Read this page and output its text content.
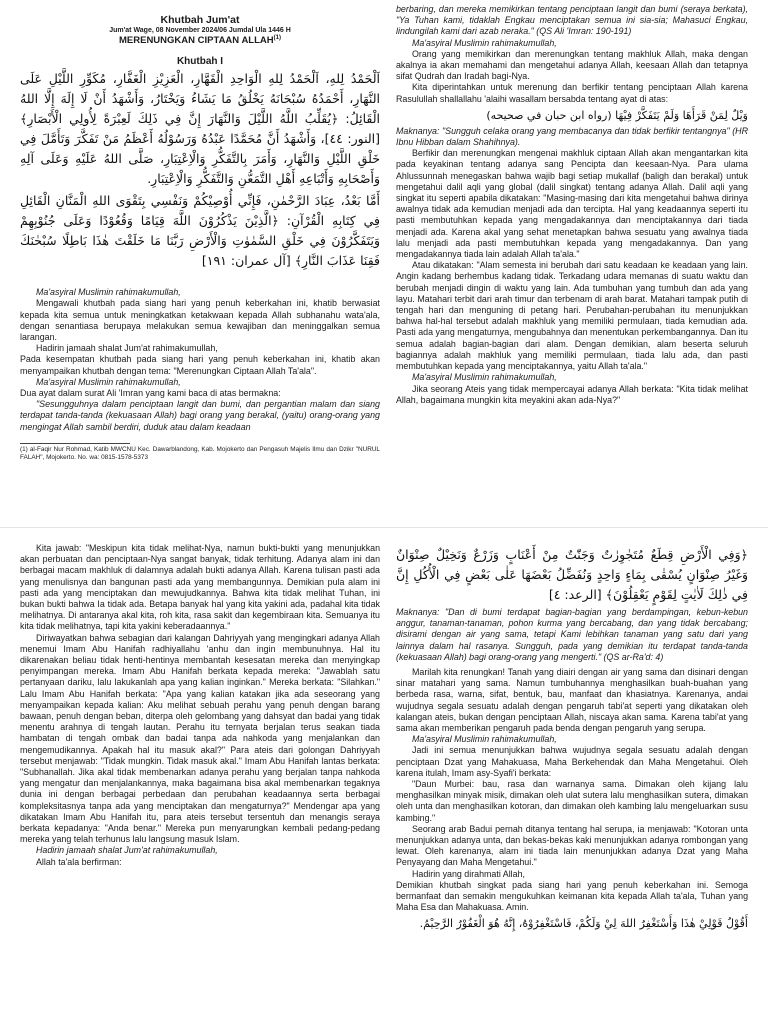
Khutbah Jum'at
Jum'at Wage, 08 November 2024/06 Jumdal Ula 1446 H
MERENUNGKAN CIPTAAN ALLAH$^{(1)}$
Khutbah I

اَلْحَمْدُ لِلهِ، اَلْحَمْدُ لِلهِ الْوَاحِدِ الْقَهَّارِ، الْعَزِيْزِ الْغَفَّارِ، مُكَوِّرِ اللَّيْلِ عَلَى النَّهَارِ، أَحْمَدُهُ سُبْحَانَهُ يَخْلُقُ مَا يَشَاءُ وَيَخْتَارُ، وَأَشْهَدُ أَنْ لَا إِلَهَ إِلَّا اللهُ الْقَائِلُ: ﴿يُقَلِّبُ اللَّهُ اللَّيْلَ وَالنَّهَارَ إِنَّ فِي ذَلِكَ لَعِبْرَةً لِأُولِي الْأَبْصَارِ﴾ [النور: ٤٤]، وَأَشْهَدُ أَنَّ مُحَمَّدًا عَبْدُهُ وَرَسُوْلُهُ أَعْظَمُ مَنْ تَفَكَّرَ وَتَأَمَّلَ فِي خَلْقِ اللَّيْلِ وَالنَّهَارِ، وَأَمَرَ بِالتَّفَكُّرِ وَالْاِعْتِبَارِ، صَلَّى اللهُ عَلَيْهِ وَعَلَى آلِهِ وَأَصْحَابِهِ وَأَتْبَاعِهِ أَهْلِ التَّمَعُّنِ وَالتَّفَكُّرِ وَالْاِعْتِبَارِ.

أَمَّا بَعْدُ، عِبَادَ الرَّحْمٰنِ، فَإِنِّي أُوْصِيْكُمْ وَنَفْسِي بِتَقْوَى اللهِ الْمَنَّانِ الْقَائِلِ فِي كِتَابِهِ الْقُرْآنِ: ﴿الَّذِيْنَ يَذْكُرُوْنَ اللَّهَ قِيَامًا وَقُعُوْدًا وَعَلَى جُنُوْبِهِمْ وَيَتَفَكَّرُوْنَ فِي خَلْقِ السَّمٰوٰتِ وَالْأَرْضِ رَبَّنَا مَا خَلَقْتَ هٰذَا بَاطِلًا سُبْحٰنَكَ فَقِنَا عَذَابَ النَّارِ﴾ [آل عمران: ١٩١]

Ma'asyiral Muslimin rahimakumullah,

Mengawali khutbah pada siang hari yang penuh keberkahan ini, khatib berwasiat kepada kita semua untuk meningkatkan ketakwaan kepada Allah subhanahu wata'ala, dengan senantiasa berupaya melakukan semua kewajiban dan meninggalkan semua larangan.

Hadirin jamaah shalat Jum'at rahimakumullah,

Pada kesempatan khutbah pada siang hari yang penuh keberkahan ini, khatib akan menyampaikan khutbah dengan tema: "Merenungkan Ciptaan Allah Ta'ala".

Ma'asyiral Muslimin rahimakumullah,

Dua ayat dalam surat Ali 'Imran yang kami baca di atas bermakna:

"Sesungguhnya dalam penciptaan langit dan bumi, dan pergantian malam dan siang terdapat tanda-tanda (kekuasaan Allah) bagi orang yang berakal, (yaitu) orang-orang yang mengingat Allah sambil berdiri, duduk atau dalam keadaan

(1) al-Faqir Nur Rohmad, Katib MWCNU Kec. Dawarblandong, Kab. Mojokerto dan Pengasuh Majelis Ilmu dan Dzikr "NURUL FALAH", Mojokerto. No. wa: 0815-1578-5373

berbaring, dan mereka memikirkan tentang penciptaan langit dan bumi (seraya berkata), "Ya Tuhan kami, tidaklah Engkau menciptakan semua ini sia-sia; Mahasuci Engkau, lindungilah kami dari azab neraka." (QS Ali 'Imran: 190-191)

Ma'asyiral Muslimin rahimakumullah,

Orang yang memikirkan dan merenungkan tentang makhluk Allah, maka dengan akalnya ia akan memahami dan mengetahui adanya Allah, keesaan Allah dan tetapnya sifat Qudrah dan Iradah bagi-Nya.

Kita diperintahkan untuk merenung dan berfikir tentang penciptaan Allah karena Rasulullah shallallahu 'alaihi wasallam bersabda tentang ayat di atas:

وَيْلٌ لِمَنْ قَرَأَهَا وَلَمْ يَتَفَكَّرْ فِيْهَا (رواه ابن حبان في صحيحه)

Maknanya: "Sungguh celaka orang yang membacanya dan tidak berfikir tentangnya" (HR Ibnu Hibban dalam Shahihnya).

Berfikir dan merenungkan mengenai makhluk ciptaan Allah akan mengantarkan kita pada keyakinan tentang adanya sang Pencipta dan keesaan-Nya. Para ulama Ahlussunnah menegaskan bahwa wajib bagi setiap mukallaf (baligh dan berakal) untuk mengetahui dalil aqli yang global (dalil singkat) tentang adanya Allah. Dalil aqli yang singkat itu seperti apabila dikatakan: "Masing-masing dari kita mengetahui bahwa dirinya awalnya tidak ada kemudian menjadi ada dan tercipta. Hal yang keadaannya seperti itu pasti membutuhkan kepada yang mengadakannya dan menciptakannya dari tiada menjadi ada. Karena akal yang sehat menetapkan bahwa sesuatu yang awalnya tiada lalu menjadi ada pasti membutuhkan kepada yang mengadakannya. Dan yang mengadakannya tiada lain adalah Allah ta'ala."

Atau dikatakan: "Alam semesta ini berubah dari satu keadaan ke keadaan yang lain. Angin kadang berhembus kadang tidak. Terkadang udara memanas di suatu waktu dan berubah menjadi dingin di waktu yang lain. Ada tumbuhan yang tumbuh dan ada yang layu. Matahari terbit dari arah timur dan terbenam di arah barat. Matahari tampak putih di tengah hari dan menguning di petang hari. Perubahan-perubahan itu menunjukkan bahwa hal-hal tersebut adalah makhluk yang memiliki permulaan, tiada kemudian ada. Pasti ada yang mengaturnya, mengubahnya dan menentukan perkembangannya. Dan itu semua adalah bagian-bagian dari alam. Dengan demikian, alam beserta seluruh bagiannya adalah makhluk yang memiliki permulaan, tiada lalu ada, dan pasti membutuhkan kepada yang menciptakannya, yaitu Allah ta'ala."

Ma'asyiral Muslimin rahimakumullah,

Jika seorang Ateis yang tidak mempercayai adanya Allah berkata: "Kita tidak melihat Allah, bagaimana mungkin kita meyakini akan ada-Nya?"

Kita jawab: "Meskipun kita tidak melihat-Nya, namun bukti-bukti yang menunjukkan akan perbuatan dan penciptaan-Nya sangat banyak, tidak terhitung. Adanya alam ini dan berbagai macam makhluk di dalamnya adalah bukti adanya Allah. Karena tulisan pasti ada yang menulisnya dan bangunan pasti ada yang membangunnya. Demikian pula alam ini pasti ada yang menciptakan dan mewujudkannya. Bahwa kita tidak melihat Tuhan, ini bukan bukti bahwa Ia tidak ada. Betapa banyak hal yang kita yakini ada, padahal kita tidak melihatnya. Di antaranya akal kita, roh kita, rasa sakit dan kegembiraan kita. Semuanya itu kita tidak melihatnya, tapi kita yakini keberadaannya."

Diriwayatkan bahwa sebagian dari kalangan Dahriyyah yang mengingkari adanya Allah menemui Imam Abu Hanifah radhiyallahu 'anhu dan ingin membunuhnya. Hal itu dikarenakan beliau tidak henti-hentinya membantah kesesatan mereka dan menyingkap penyimpangan mereka. Imam Abu Hanifah berkata kepada mereka: "Jawablah satu pertanyaan dariku, lalu lakukanlah apa yang kalian inginkan." Mereka berkata: "Silahkan." Lalu Imam Abu Hanifah berkata: "Apa yang kalian katakan jika ada seseorang yang menyampaikan kepada kalian: Aku melihat sebuah perahu yang penuh dengan barang bawaan, penuh dengan beban, diterpa oleh gelombang yang dahsyat dan badai yang tidak menentu arahnya di tengah lautan. Perahu itu ternyata berjalan terus seakan tiada hambatan di tengah ombak dan badai tanpa ada nahkoda yang menjalankan dan mengemudikannya. Apakah hal itu masuk akal?" Para ateis dari golongan Dahriyyah tersebut menjawab: "Tidak mungkin. Tidak masuk akal." Imam Abu Hanifah lantas berkata: "Subhanallah. Jika akal tidak membenarkan adanya perahu yang berjalan tanpa nahkoda yang mengatur dan menjalankannya, maka bagaimana bisa akal membenarkan tegaknya dunia ini dengan berbagai perbedaan dan perubahan keadaannya serta berbagai kompleksitasnya tanpa ada yang menciptakan dan mengaturnya?" Mendengar apa yang dikatakan Imam Abu Hanifah itu, para ateis tersebut tersentuh dan menangis seraya berkata kepadanya: "Anda benar." Mereka pun menyarungkan kembali pedang-pedang mereka yang telah terhunus lalu langsung masuk Islam.

Hadirin jamaah shalat Jum'at rahimakumullah,

Allah ta'ala berfirman:

﴿وَفِي الْأَرْضِ قِطَعٌ مُتَجٰوِرٰتٌ وَجَنّٰتٌ مِنْ أَعْنَابٍ وَزَرْعٌ وَنَخِيْلٌ صِنْوَانٌ وَغَيْرُ صِنْوَانٍ يُسْقٰى بِمَاءٍ وَاحِدٍ وَنُفَضِّلُ بَعْضَهَا عَلٰى بَعْضٍ فِي الْأُكُلِ إِنَّ فِي ذٰلِكَ لَاٰيٰتٍ لِقَوْمٍ يَعْقِلُوْنَ﴾ [الرعد: ٤]

Maknanya: "Dan di bumi terdapat bagian-bagian yang berdampingan, kebun-kebun anggur, tanaman-tanaman, pohon kurma yang bercabang, dan yang tidak bercabang; disirami dengan air yang sama, tetapi Kami lebihkan tanaman yang satu dari yang lainnya dalam hal rasanya. Sungguh, pada yang demikian itu terdapat tanda-tanda (kekuasaan Allah) bagi orang-orang yang mengerti." (QS ar-Ra'd: 4)

Marilah kita renungkan! Tanah yang diairi dengan air yang sama dan disinari dengan sinar matahari yang sama. Namun tumbuhannya menghasilkan buah-buahan yang berbeda rasa, warna, sifat, bentuk, bau, manfaat dan khasiatnya. Karenanya, andai wujudnya segala sesuatu adalah dengan pengaruh tabi'at seperti yang dikatakan oleh kalangan ateis, bukan dengan penciptaan Allah, niscaya akan sama. Karena tabi'at yang sama akan memberikan pengaruh pada benda dengan pengaruh yang serupa.

Ma'asyiral Muslimin rahimakumullah,

Jadi ini semua menunjukkan bahwa wujudnya segala sesuatu adalah dengan penciptaan Dzat yang Mahakuasa, Maha Berkehendak dan Maha Mengetahui. Oleh karena itulah, Imam asy-Syafi'i berkata:

"Daun Murbei: bau, rasa dan warnanya sama. Dimakan oleh kijang lalu menghasilkan minyak misik, dimakan oleh ulat sutera lalu menghasilkan sutera, dimakan oleh unta dan menghasilkan kotoran, dan dimakan oleh kambing lalu mengeluarkan susu kambing."

Seorang arab Badui pernah ditanya tentang hal serupa, ia menjawab: "Kotoran unta menunjukkan adanya unta, dan bekas-bekas kaki menunjukkan adanya rombongan yang lewat. Oleh karenanya, alam ini tiada lain menunjukkan adanya Dzat yang Maha Penyayang dan Maha Mengetahui."

Hadirin yang dirahmati Allah,

Demikian khutbah singkat pada siang hari yang penuh keberkahan ini. Semoga bermanfaat dan semakin mengukuhkan keimanan kita kepada Allah ta'ala, Tuhan yang Maha Esa dan Mahakuasa. Amin.

أَقُوْلُ قَوْلِيْ هٰذَا وَأَسْتَغْفِرُ اللهَ لِيْ وَلَكُمْ، فَاسْتَغْفِرُوْهُ، إِنَّهُ هُوَ الْغَفُوْرُ الرَّحِيْمُ.
